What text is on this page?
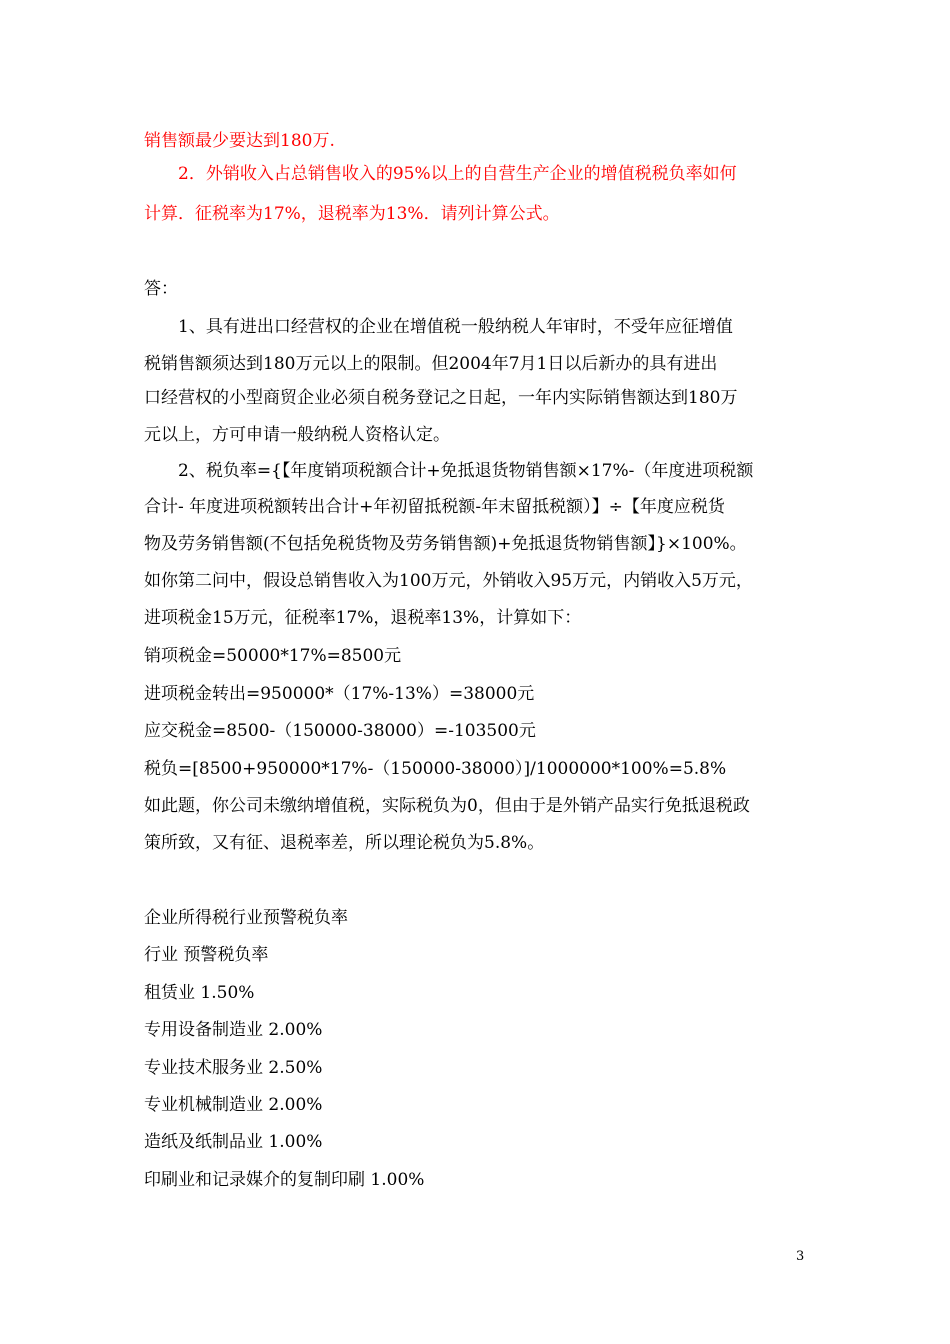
销售额最少要达到180万.
2．外销收入占总销售收入的95%以上的自营生产企业的增值税税负率如何
计算．征税率为17%，退税率为13%．请列计算公式。
答：
1、具有进出口经营权的企业在增值税一般纳税人年审时，不受年应征增值
税销售额须达到180万元以上的限制。但2004年7月1日以后新办的具有进出
口经营权的小型商贸企业必须自税务登记之日起，一年内实际销售额达到180万
元以上，方可申请一般纳税人资格认定。
2、税负率={【年度销项税额合计+免抵退货物销售额×17%-（年度进项税额
合计- 年度进项税额转出合计+年初留抵税额-年末留抵税额）】÷【年度应税货
物及劳务销售额(不包括免税货物及劳务销售额)+免抵退货物销售额】}×100%。
如你第二问中，假设总销售收入为100万元，外销收入95万元，内销收入5万元，
进项税金15万元，征税率17%，退税率13%，计算如下：
销项税金=50000*17%=8500元
进项税金转出=950000*（17%-13%）=38000元
应交税金=8500-（150000-38000）=-103500元
税负=[8500+950000*17%-（150000-38000）]/1000000*100%=5.8%
如此题，你公司未缴纳增值税，实际税负为0，但由于是外销产品实行免抵退税政
策所致，又有征、退税率差，所以理论税负为5.8%。
企业所得税行业预警税负率
行业 预警税负率
租赁业 1.50%
专用设备制造业 2.00%
专业技术服务业 2.50%
专业机械制造业 2.00%
造纸及纸制品业 1.00%
印刷业和记录媒介的复制印刷 1.00%
3
